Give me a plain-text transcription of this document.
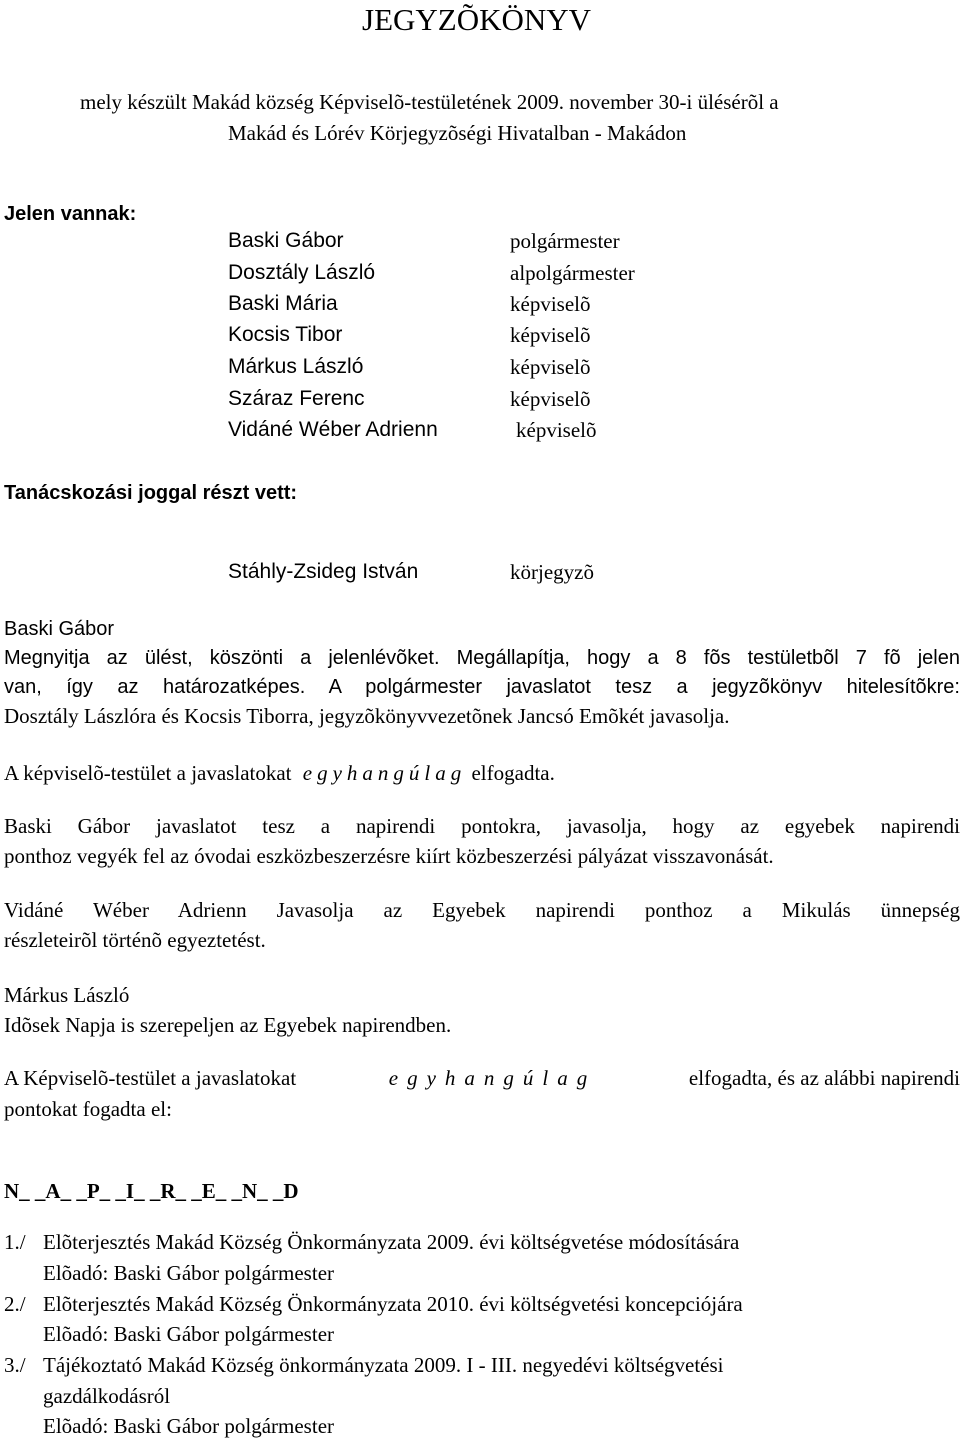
JEGYZÕKÖNYV
mely készült Makád község Képviselõ-testületének 2009. november 30-i ülésérõl a
Makád és Lórév Körjegyzõségi Hivatalban - Makádon
Jelen vannak:
Baski Gábor	polgármester
Dosztály László	alpolgármester
Baski Mária	képviselõ
Kocsis Tibor	képviselõ
Márkus László	képviselõ
Száraz Ferenc	képviselõ
Vidáné Wéber Adrienn	képviselõ
Tanácskozási joggal részt vett:
Stáhly-Zsideg István	körjegyzõ
Baski Gábor
Megnyitja az ülést, köszönti a jelenlévõket. Megállapítja, hogy a 8 fõs testületbõl 7 fõ jelen
van, így az határozatképes. A polgármester javaslatot tesz a jegyzõkönyv hitelesítõkre:
Dosztály Lászlóra és Kocsis Tiborra, jegyzõkönyvvezetõnek Jancsó Emõkét javasolja.
A képviselõ-testület a javaslatokat egyhangúlag elfogadta.
Baski Gábor javaslatot tesz a napirendi pontokra, javasolja, hogy az egyebek napirendi
ponthoz vegyék fel az óvodai eszközbeszerzésre kiírt közbeszerzési pályázat visszavonását.
Vidáné Wéber Adrienn Javasolja az Egyebek napirendi ponthoz a Mikulás ünnepség
részleteirõl történõ egyeztetést.
Márkus László
Idõsek Napja is szerepeljen az Egyebek napirendben.
A Képviselõ-testület a javaslatokat	egyhangúlag	elfogadta, és az alábbi napirendi
pontokat fogadta el:
N_ _A_ _P_ _I_ _R_ _E_ _N_ _D
1./ Elõterjesztés Makád Község Önkormányzata 2009. évi költségvetése módosítására
Elõadó: Baski Gábor polgármester
2./ Elõterjesztés Makád Község Önkormányzata 2010. évi költségvetési koncepciójára
Elõadó: Baski Gábor polgármester
3./ Tájékoztató Makád Község önkormányzata 2009. I - III. negyedévi költségvetési
gazdálkodásról
Elõadó: Baski Gábor polgármester
